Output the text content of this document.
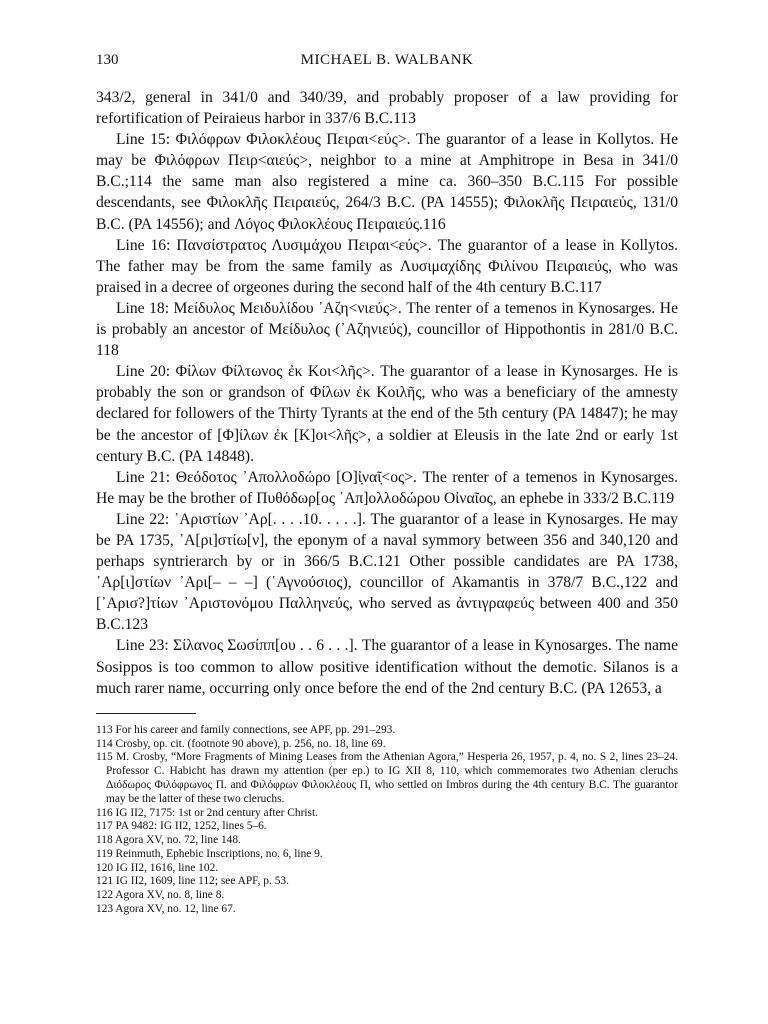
130	MICHAEL B. WALBANK

343/2, general in 341/0 and 340/39, and probably proposer of a law providing for refortification of Peiraieus harbor in 337/6 B.C.113

Line 15: Φιλόφρων Φιλοκλέους Πειραι<εύς>. The guarantor of a lease in Kollytos. He may be Φιλόφρων Πειρ<αιεύς>, neighbor to a mine at Amphitrope in Besa in 341/0 B.C.;114 the same man also registered a mine ca. 360–350 B.C.115 For possible descendants, see Φιλοκλῆς Πειραιεύς, 264/3 B.C. (PA 14555); Φιλοκλῆς Πειραιεύς, 131/0 B.C. (PA 14556); and Λόγος Φιλοκλέους Πειραιεύς.116

Line 16: Πανσίστρατος Λυσιμάχου Πειραι<εύς>. The guarantor of a lease in Kollytos. The father may be from the same family as Λυσιμαχίδης Φιλίνου Πειραιεύς, who was praised in a decree of orgeones during the second half of the 4th century B.C.117

Line 18: Μείδυλος Μειδυλίδου ᾿Αζη<νιεύς>. The renter of a temenos in Kynosarges. He is probably an ancestor of Μείδυλος (᾿Αζηνιεύς), councillor of Hippothontis in 281/0 B.C. 118

Line 20: Φίλων Φίλτωνος ἐκ Κοι<λῆς>. The guarantor of a lease in Kynosarges. He is probably the son or grandson of Φίλων ἐκ Κοιλῆς, who was a beneficiary of the amnesty declared for followers of the Thirty Tyrants at the end of the 5th century (PA 14847); he may be the ancestor of [Φ]ίλων ἐκ [Κ]οι<λῆς>, a soldier at Eleusis in the late 2nd or early 1st century B.C. (PA 14848).

Line 21: Θεόδοτος ᾿Απολλοδώρο [Ο]ἰ̣ναῖ̣<ος>. The renter of a temenos in Kynosarges. He may be the brother of Πυθόδωρ[ος ᾿Απ]ολλοδώρου Οἰναῖος, an ephebe in 333/2 B.C.119

Line 22: ᾿Αριστίων ᾿Αρ[. . . .10. . . . .]. The guarantor of a lease in Kynosarges. He may be PA 1735, ᾿Α[ρι]στίω[ν], the eponym of a naval symmory between 356 and 340,120 and perhaps syntrierarch by or in 366/5 B.C.121 Other possible candidates are PA 1738, ᾿Αρ[ι]στίων ᾿Αρι[– – –] (῾Αγνούσιος), councillor of Akamantis in 378/7 B.C.,122 and [᾿Αρισ?]τίων ᾿Αριστονόμου Παλληνεύς, who served as ἀντιγραφεύς between 400 and 350 B.C.123

Line 23: Σίλανος Σωσίππ[ου . . 6 . . .]. The guarantor of a lease in Kynosarges. The name Sosippos is too common to allow positive identification without the demotic. Silanos is a much rarer name, occurring only once before the end of the 2nd century B.C. (PA 12653, a

113 For his career and family connections, see APF, pp. 291–293.

114 Crosby, op. cit. (footnote 90 above), p. 256, no. 18, line 69.

115 M. Crosby, “More Fragments of Mining Leases from the Athenian Agora,” Hesperia 26, 1957, p. 4, no. S 2, lines 23–24. Professor C. Habicht has drawn my attention (per ep.) to IG XII 8, 110, which commemorates two Athenian cleruchs Διόδωρος Φιλόφρωνος Π. and Φιλόφρων Φιλοκλέους Π, who settled on Imbros during the 4th century B.C. The guarantor may be the latter of these two cleruchs.

116 IG II2, 7175: 1st or 2nd century after Christ.

117 PA 9482: IG II2, 1252, lines 5–6.

118 Agora XV, no. 72, line 148.

119 Reinmuth, Ephebic Inscriptions, no. 6, line 9.

120 IG II2, 1616, line 102.

121 IG II2, 1609, line 112; see APF, p. 53.

122 Agora XV, no. 8, line 8.

123 Agora XV, no. 12, line 67.
